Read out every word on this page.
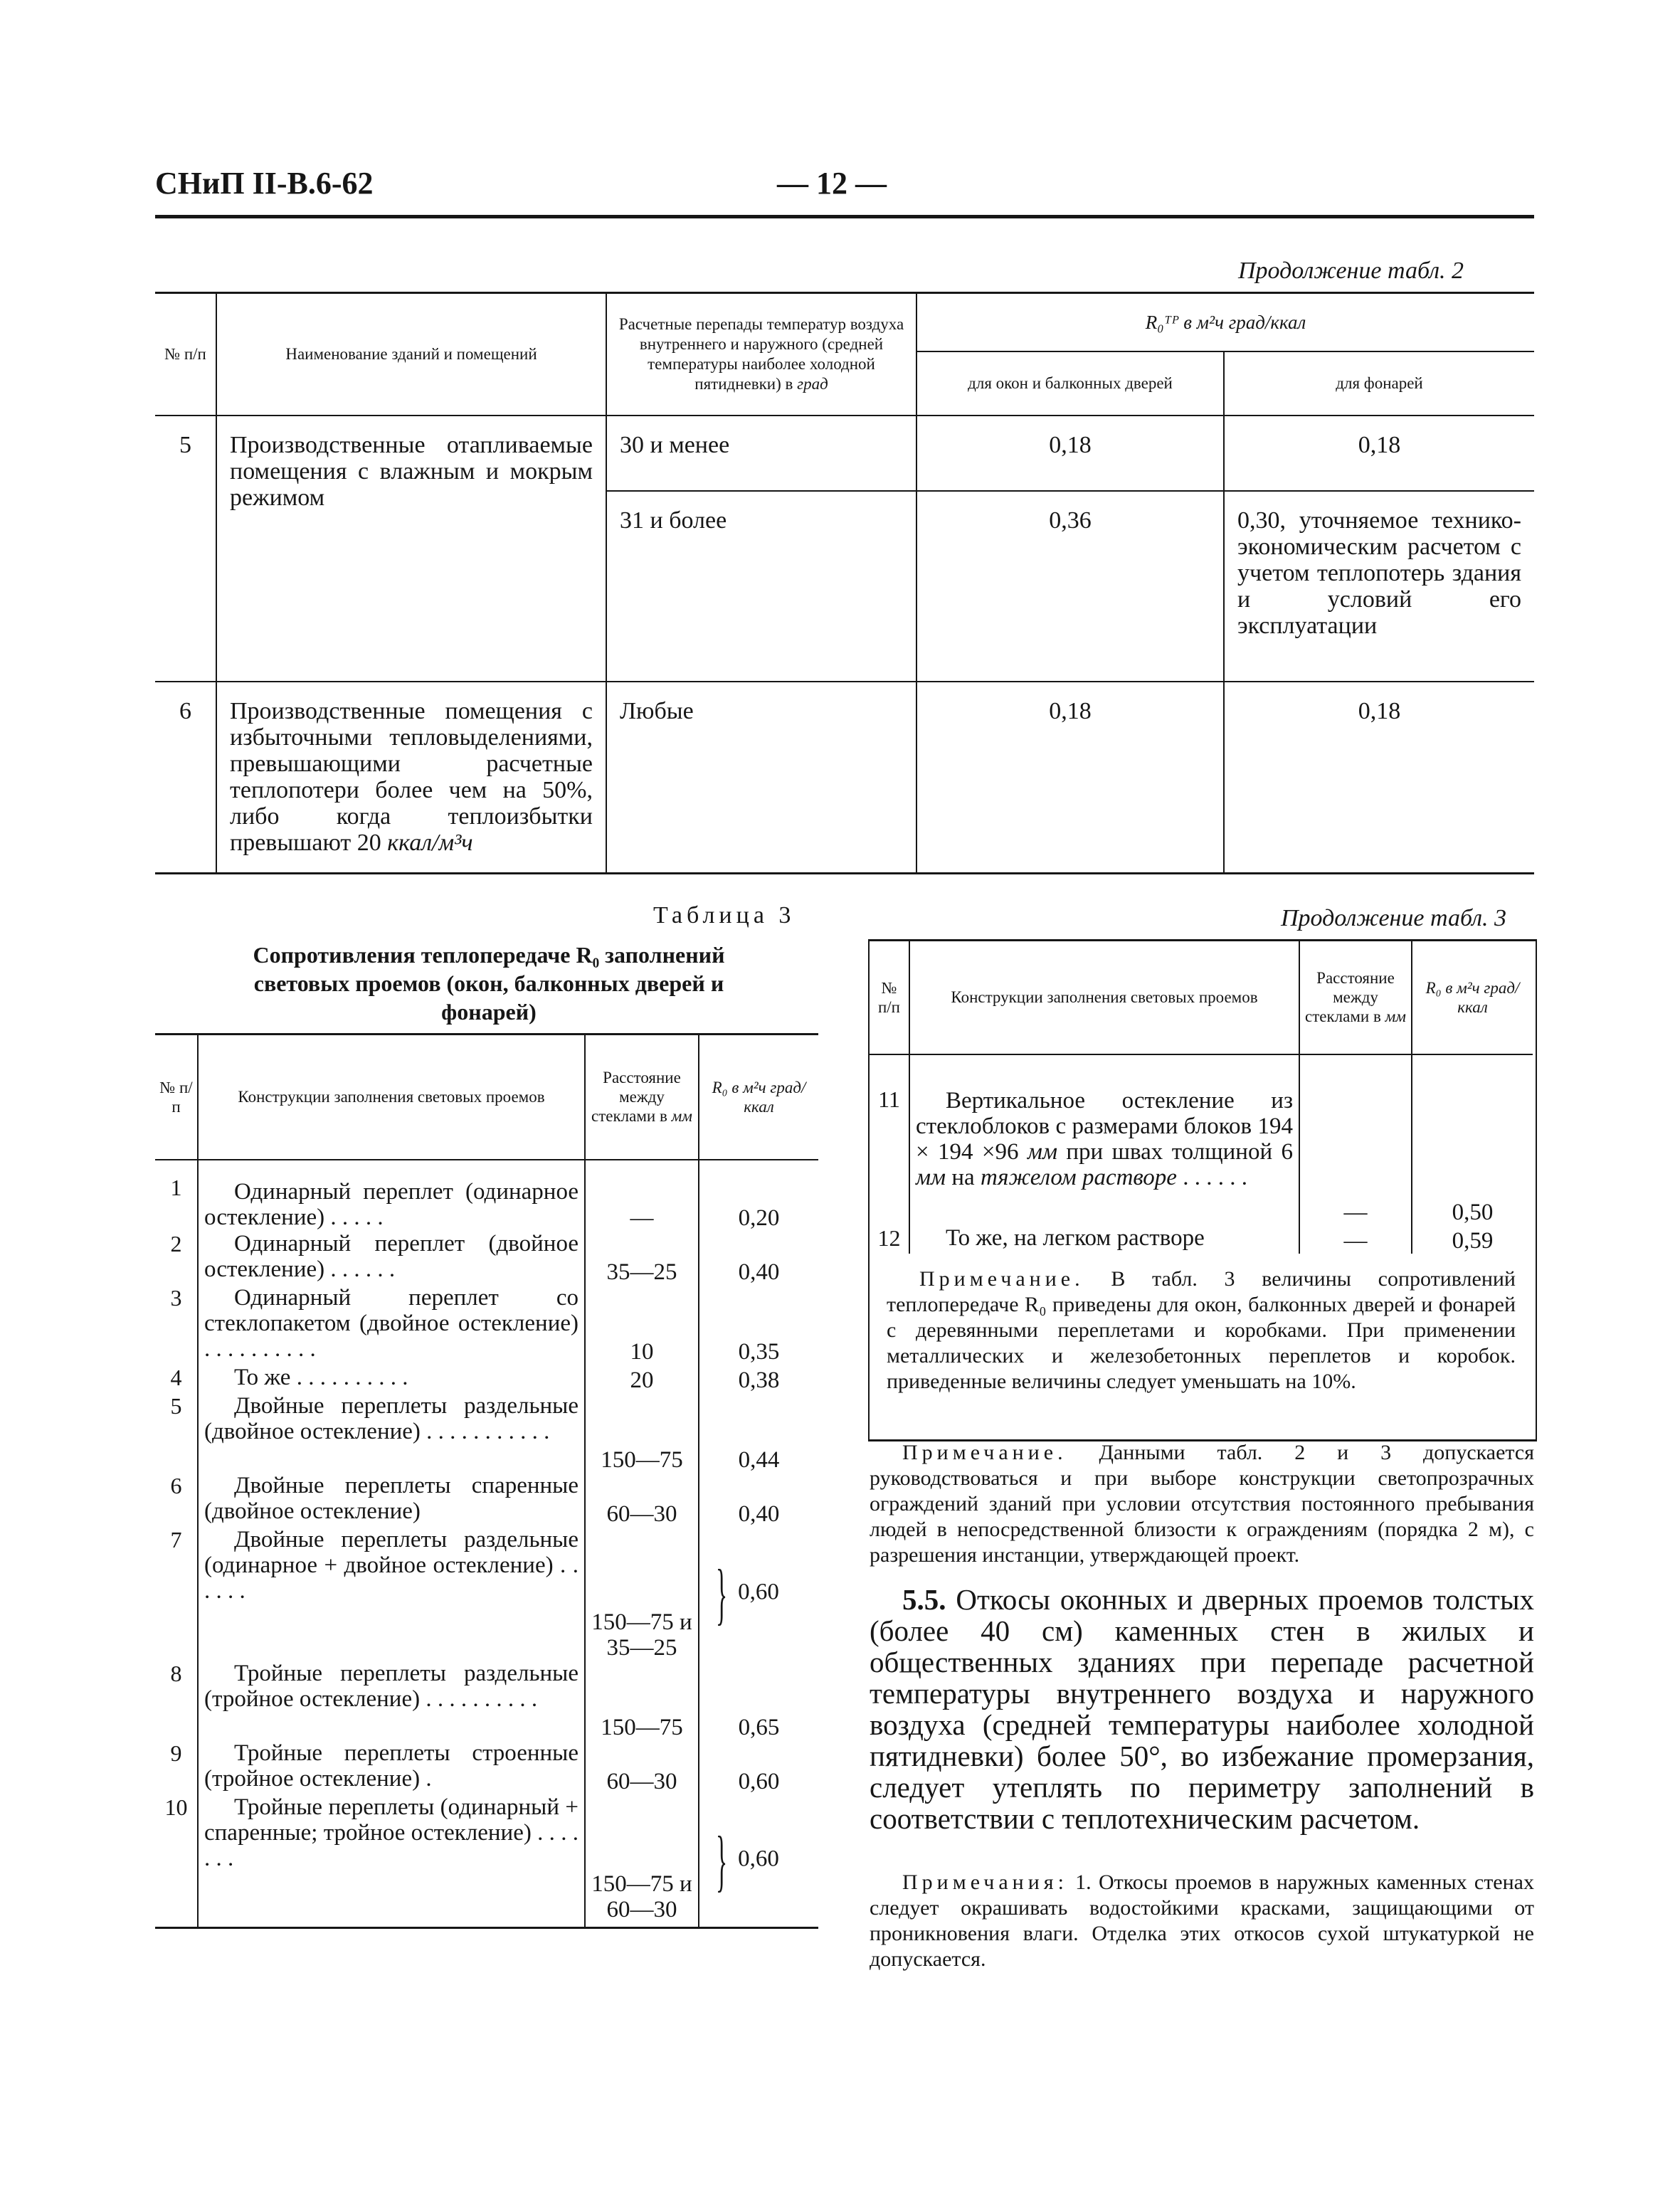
СНиП II-В.6-62	— 12 —
Продолжение табл. 2
№ п/п	Наименование зданий и помещений	Расчетные перепады температур воздуха внутреннего и наружного (средней температуры наиболее холодной пятидневки) в град	R₀ᵀᴾ в м²ч град/ккал	
			для окон и балконных дверей	для фонарей
5	Производственные отапливаемые помещения с влажным и мокрым режимом	30 и менее	0,18	0,18
		31 и более	0,36	0,30, уточняемое технико-экономическим расчетом с учетом теплопотерь здания и условий его эксплуатации
6	Производственные помещения с избыточными тепловыделениями, превышающими расчетные теплопотери более чем на 50%, либо когда теплоизбытки превышают 20 ккал/м³ч	Любые	0,18	0,18
Таблица 3
Сопротивления теплопередаче R₀ заполнений световых проемов (окон, балконных дверей и фонарей)
№ п/п	Конструкции заполнения световых проемов	Расстояние между стеклами в мм	R₀ в м²ч град/ккал
1	Одинарный переплет (одинарное остекление) . . . . .	—	0,20
2	Одинарный переплет (двойное остекление) . . . . . .	35—25	0,40
3	Одинарный переплет со стеклопакетом (двойное остекление) . . . . . . . . . .	10	0,35
4	То же . . . . . . . . . .	20	0,38
5	Двойные переплеты раздельные (двойное остекление) . . . . . . . . . . .	150—75	0,44
6	Двойные переплеты спаренные (двойное остекление)	60—30	0,40
7	Двойные переплеты раздельные (одинарное + двойное остекление) . . . . . .	150—75 и 35—25	} 0,60
8	Тройные переплеты раздельные (тройное остекление) . . . . . . . . . .	150—75	0,65
9	Тройные переплеты строенные (тройное остекление) .	60—30	0,60
10	Тройные переплеты (одинарный + спаренные; тройное остекление) . . . . . . .	150—75 и 60—30	} 0,60
Продолжение табл. 3
№ п/п	Конструкции заполнения световых проемов	Расстояние между стеклами в мм	R₀ в м²ч град/ккал
11	Вертикальное остекление из стеклоблоков с размерами блоков 194 × 194 ×96 мм при швах толщиной 6 мм на тяжелом растворе . . . . . .	—	0,50
12	То же, на легком растворе	—	0,59
Примечание. В табл. 3 величины сопротивлений теплопередаче R₀ приведены для окон, балконных дверей и фонарей с деревянными переплетами и коробками. При применении металлических и железобетонных переплетов и коробок. приведенные величины следует уменьшать на 10%.
Примечание. Данными табл. 2 и 3 допускается руководствоваться и при выборе конструкции светопрозрачных ограждений зданий при условии отсутствия постоянного пребывания людей в непосредственной близости к ограждениям (порядка 2 м), с разрешения инстанции, утверждающей проект.
5.5. Откосы оконных и дверных проемов толстых (более 40 см) каменных стен в жилых и общественных зданиях при перепаде расчетной температуры внутреннего воздуха и наружного воздуха (средней температуры наиболее холодной пятидневки) более 50°, во избежание промерзания, следует утеплять по периметру заполнений в соответствии с теплотехническим расчетом.
Примечания: 1. Откосы проемов в наружных каменных стенах следует окрашивать водостойкими красками, защищающими от проникновения влаги. Отделка этих откосов сухой штукатуркой не допускается.
